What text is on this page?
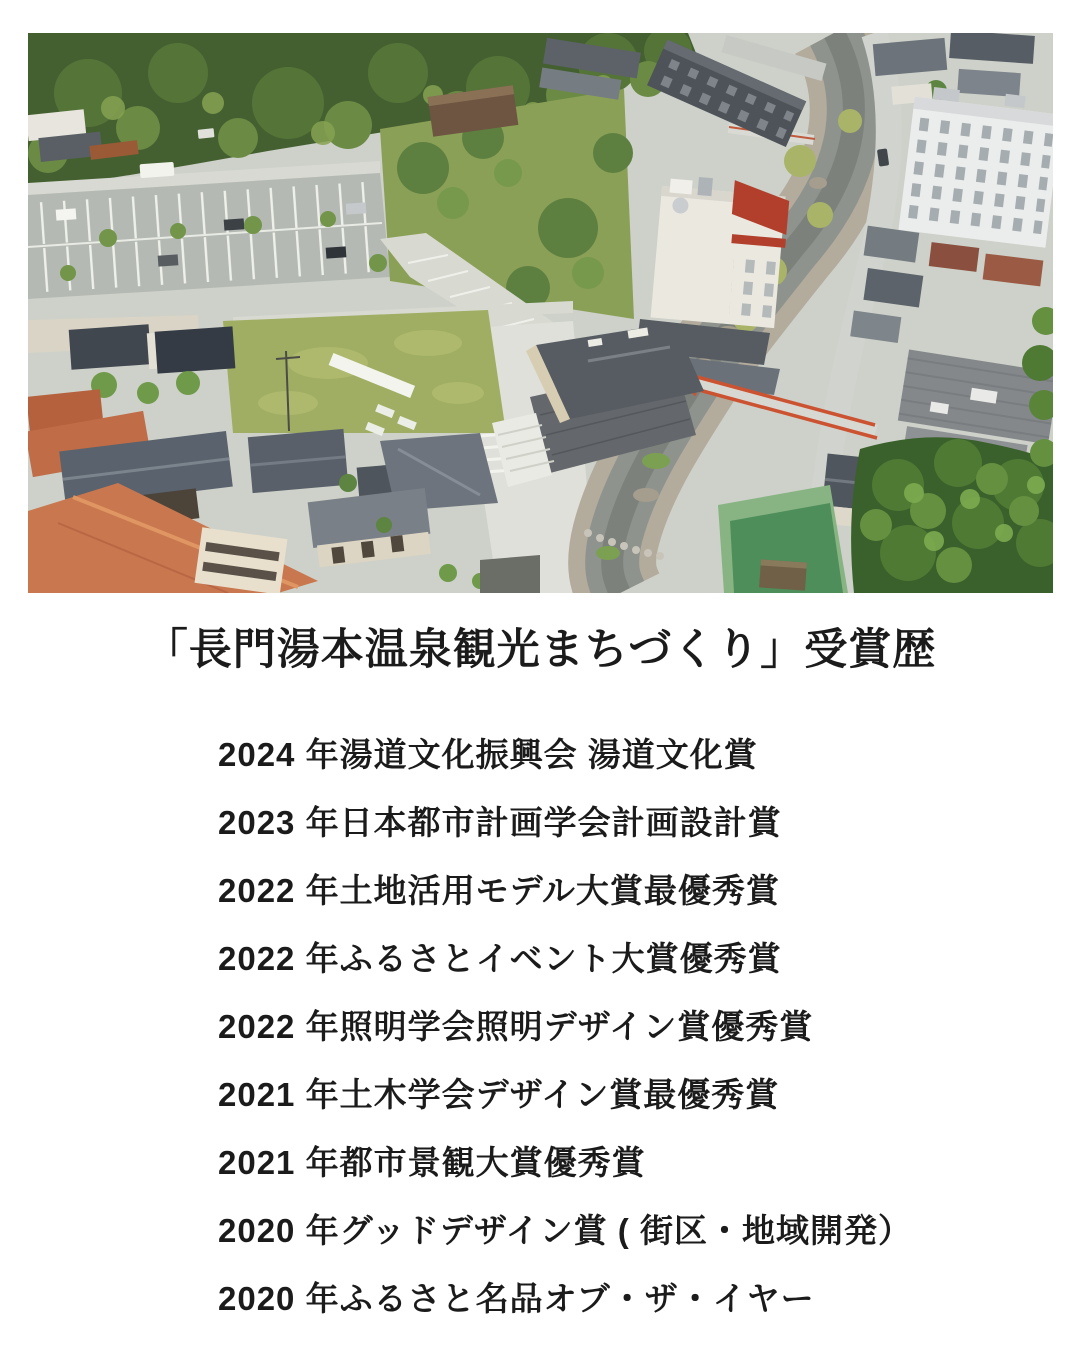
「長門湯本温泉観光まちづくり」受賞歴
2024 年湯道文化振興会 湯道文化賞
2023 年日本都市計画学会計画設計賞
2022 年土地活用モデル大賞最優秀賞
2022 年ふるさとイベント大賞優秀賞
2022 年照明学会照明デザイン賞優秀賞
2021 年土木学会デザイン賞最優秀賞
2021 年都市景観大賞優秀賞
2020 年グッドデザイン賞 ( 街区・地域開発）
2020 年ふるさと名品オブ・ザ・イヤー
